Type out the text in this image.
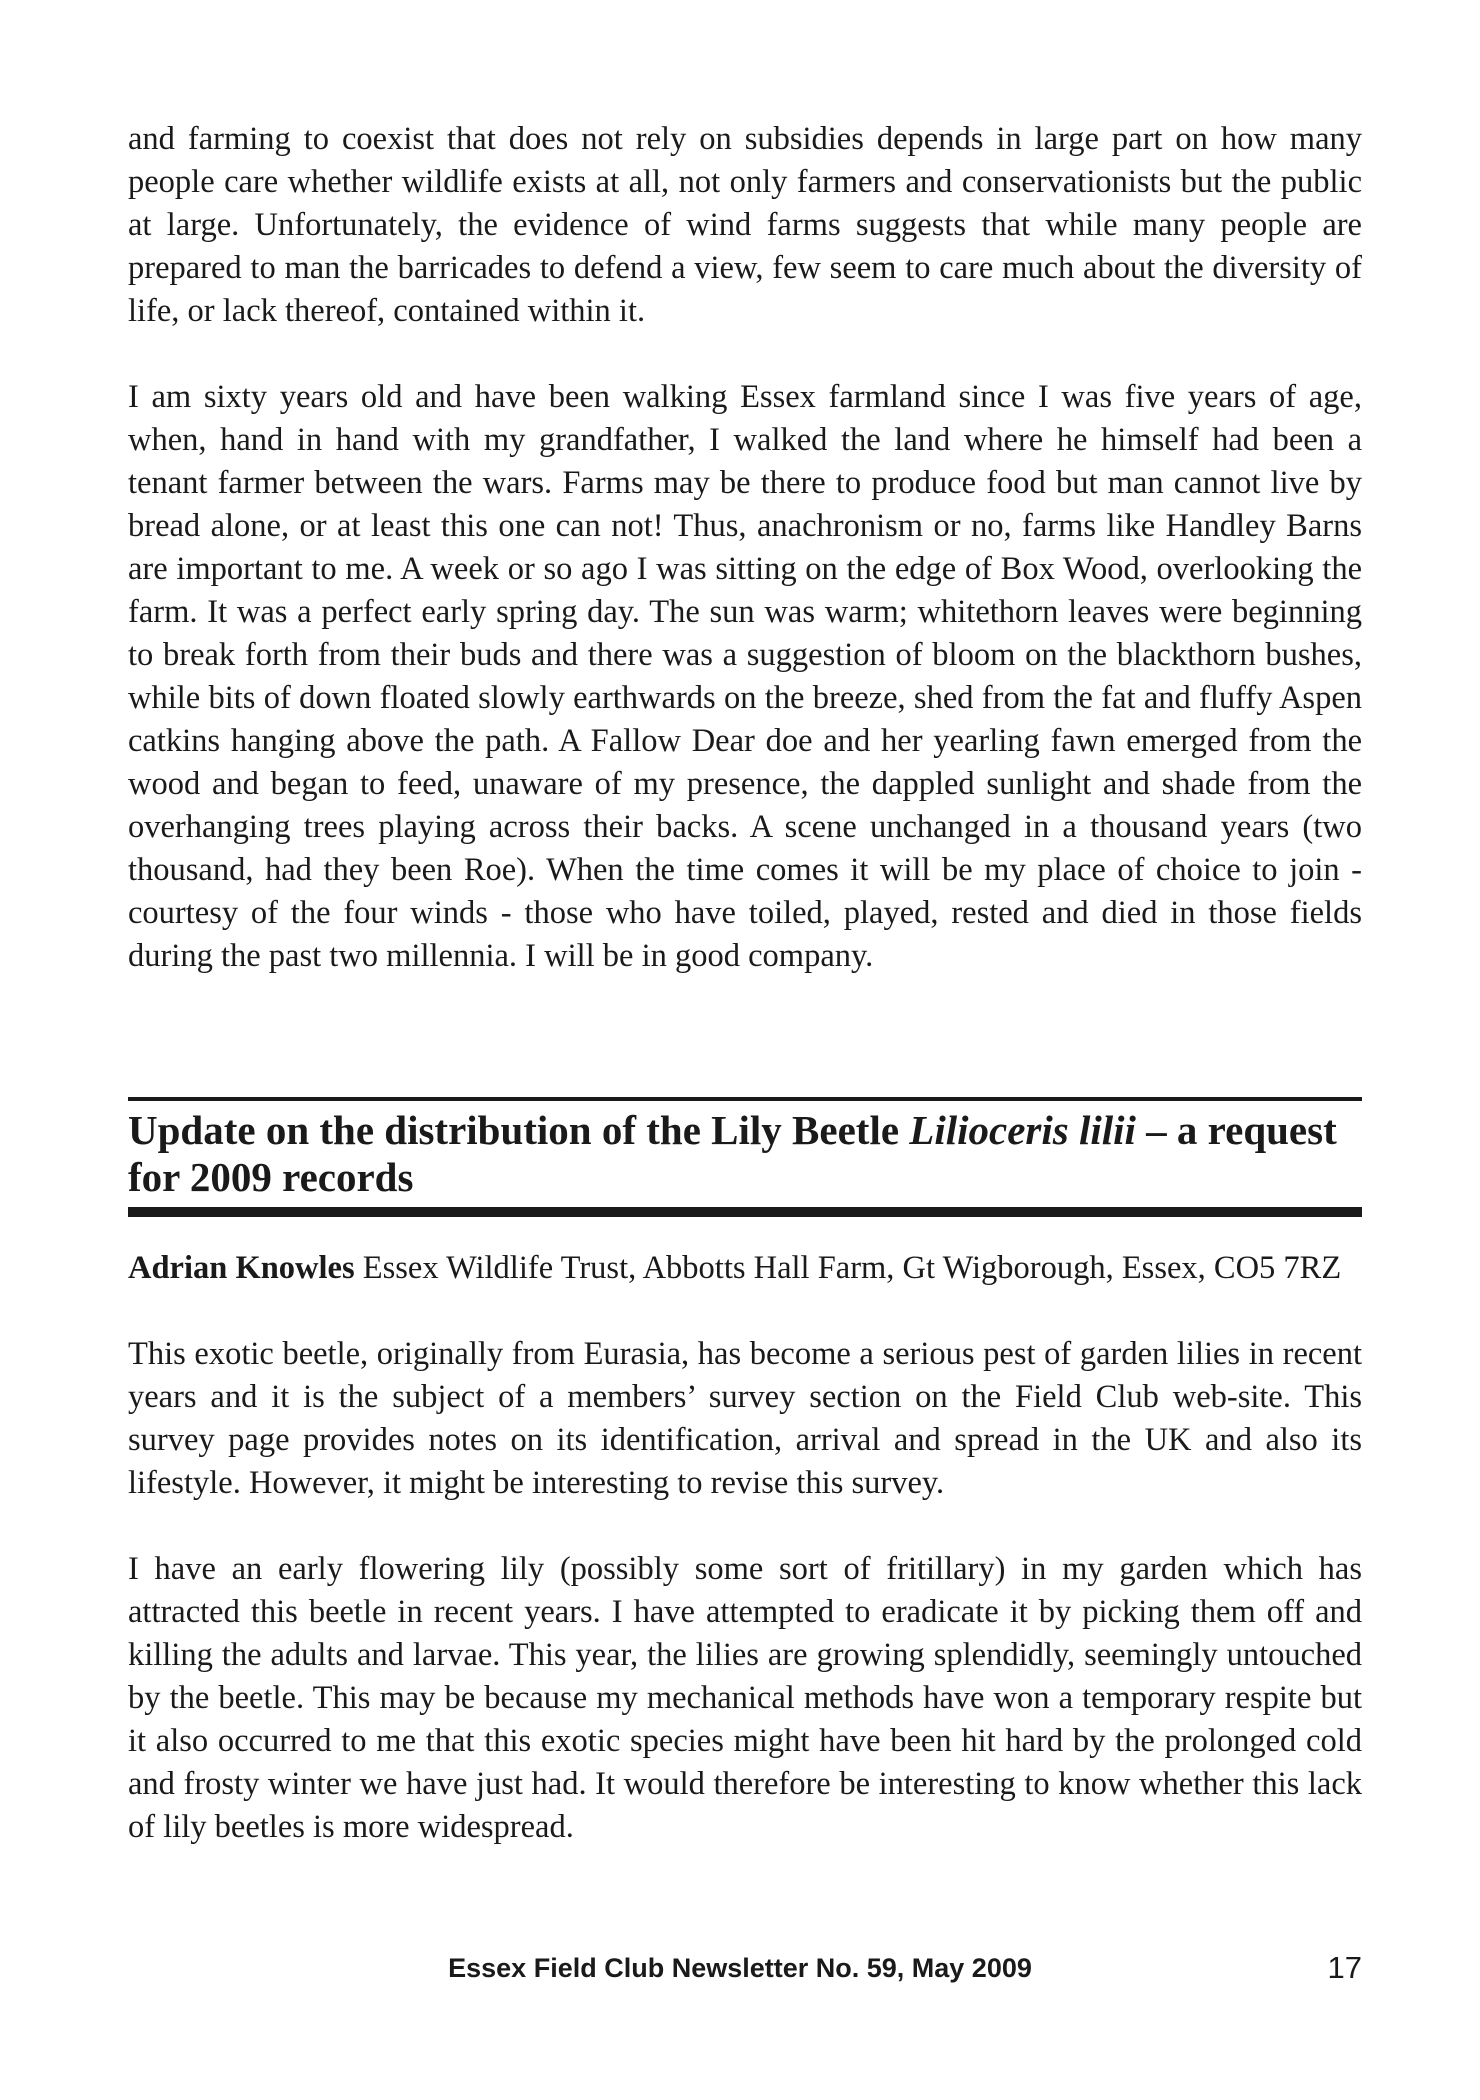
and farming to coexist that does not rely on subsidies depends in large part on how many people care whether wildlife exists at all, not only farmers and conservationists but the public at large. Unfortunately, the evidence of wind farms suggests that while many people are prepared to man the barricades to defend a view, few seem to care much about the diversity of life, or lack thereof, contained within it.

I am sixty years old and have been walking Essex farmland since I was five years of age, when, hand in hand with my grandfather, I walked the land where he himself had been a tenant farmer between the wars. Farms may be there to produce food but man cannot live by bread alone, or at least this one can not! Thus, anachronism or no, farms like Handley Barns are important to me. A week or so ago I was sitting on the edge of Box Wood, overlooking the farm. It was a perfect early spring day. The sun was warm; whitethorn leaves were beginning to break forth from their buds and there was a suggestion of bloom on the blackthorn bushes, while bits of down floated slowly earthwards on the breeze, shed from the fat and fluffy Aspen catkins hanging above the path. A Fallow Dear doe and her yearling fawn emerged from the wood and began to feed, unaware of my presence, the dappled sunlight and shade from the overhanging trees playing across their backs. A scene unchanged in a thousand years (two thousand, had they been Roe). When the time comes it will be my place of choice to join - courtesy of the four winds - those who have toiled, played, rested and died in those fields during the past two millennia. I will be in good company.

Update on the distribution of the Lily Beetle Lilioceris lilii – a request for 2009 records
Adrian Knowles Essex Wildlife Trust, Abbotts Hall Farm, Gt Wigborough, Essex, CO5 7RZ

This exotic beetle, originally from Eurasia, has become a serious pest of garden lilies in recent years and it is the subject of a members’ survey section on the Field Club web-site. This survey page provides notes on its identification, arrival and spread in the UK and also its lifestyle. However, it might be interesting to revise this survey.

I have an early flowering lily (possibly some sort of fritillary) in my garden which has attracted this beetle in recent years. I have attempted to eradicate it by picking them off and killing the adults and larvae. This year, the lilies are growing splendidly, seemingly untouched by the beetle. This may be because my mechanical methods have won a temporary respite but it also occurred to me that this exotic species might have been hit hard by the prolonged cold and frosty winter we have just had. It would therefore be interesting to know whether this lack of lily beetles is more widespread.

Essex Field Club Newsletter No. 59, May 2009	17
